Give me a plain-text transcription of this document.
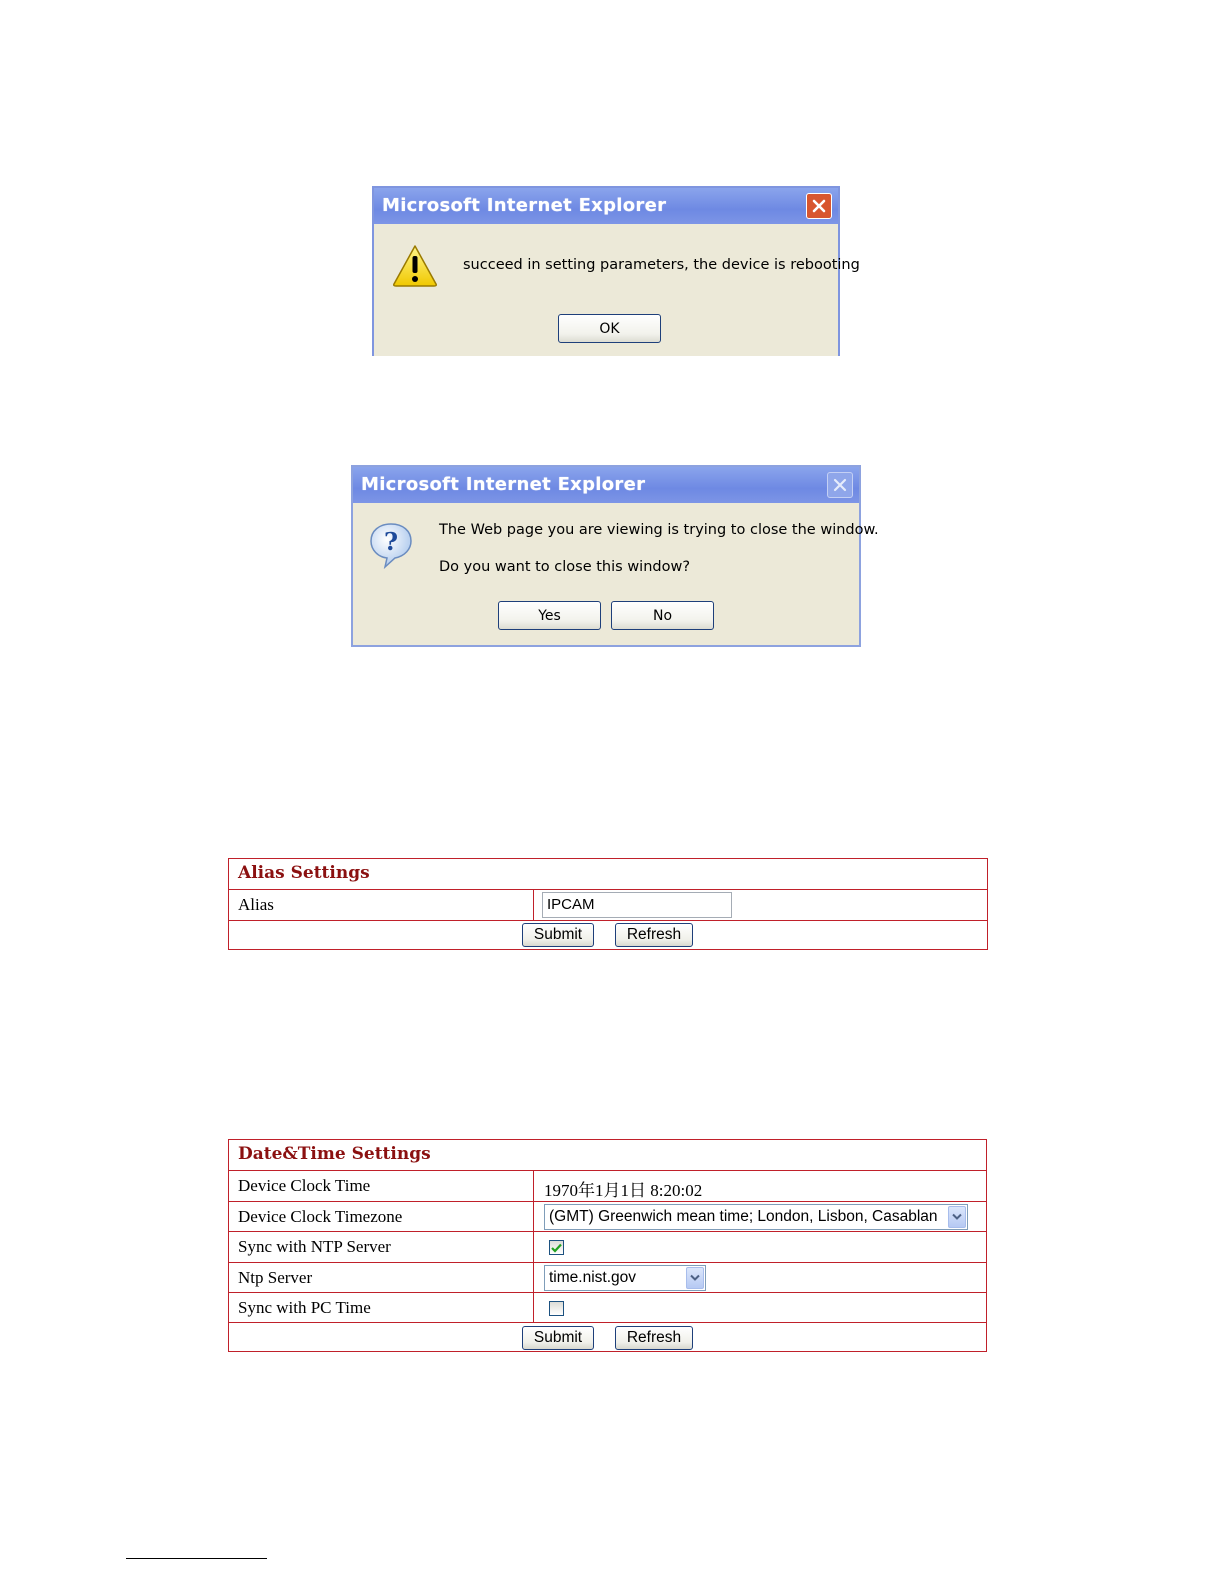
Microsoft Internet Explorer
succeed in setting parameters, the device is rebooting
OK
Microsoft Internet Explorer
?	The Web page you are viewing is trying to close the window.
Do you want to close this window?
Yes	No
Alias Settings
Alias	IPCAM
Submit	Refresh
Date&Time Settings
Device Clock Time	1970年1月1日 8:20:02
Device Clock Timezone	(GMT) Greenwich mean time; London, Lisbon, Casablan
Sync with NTP Server
Ntp Server	time.nist.gov
Sync with PC Time
Submit	Refresh
